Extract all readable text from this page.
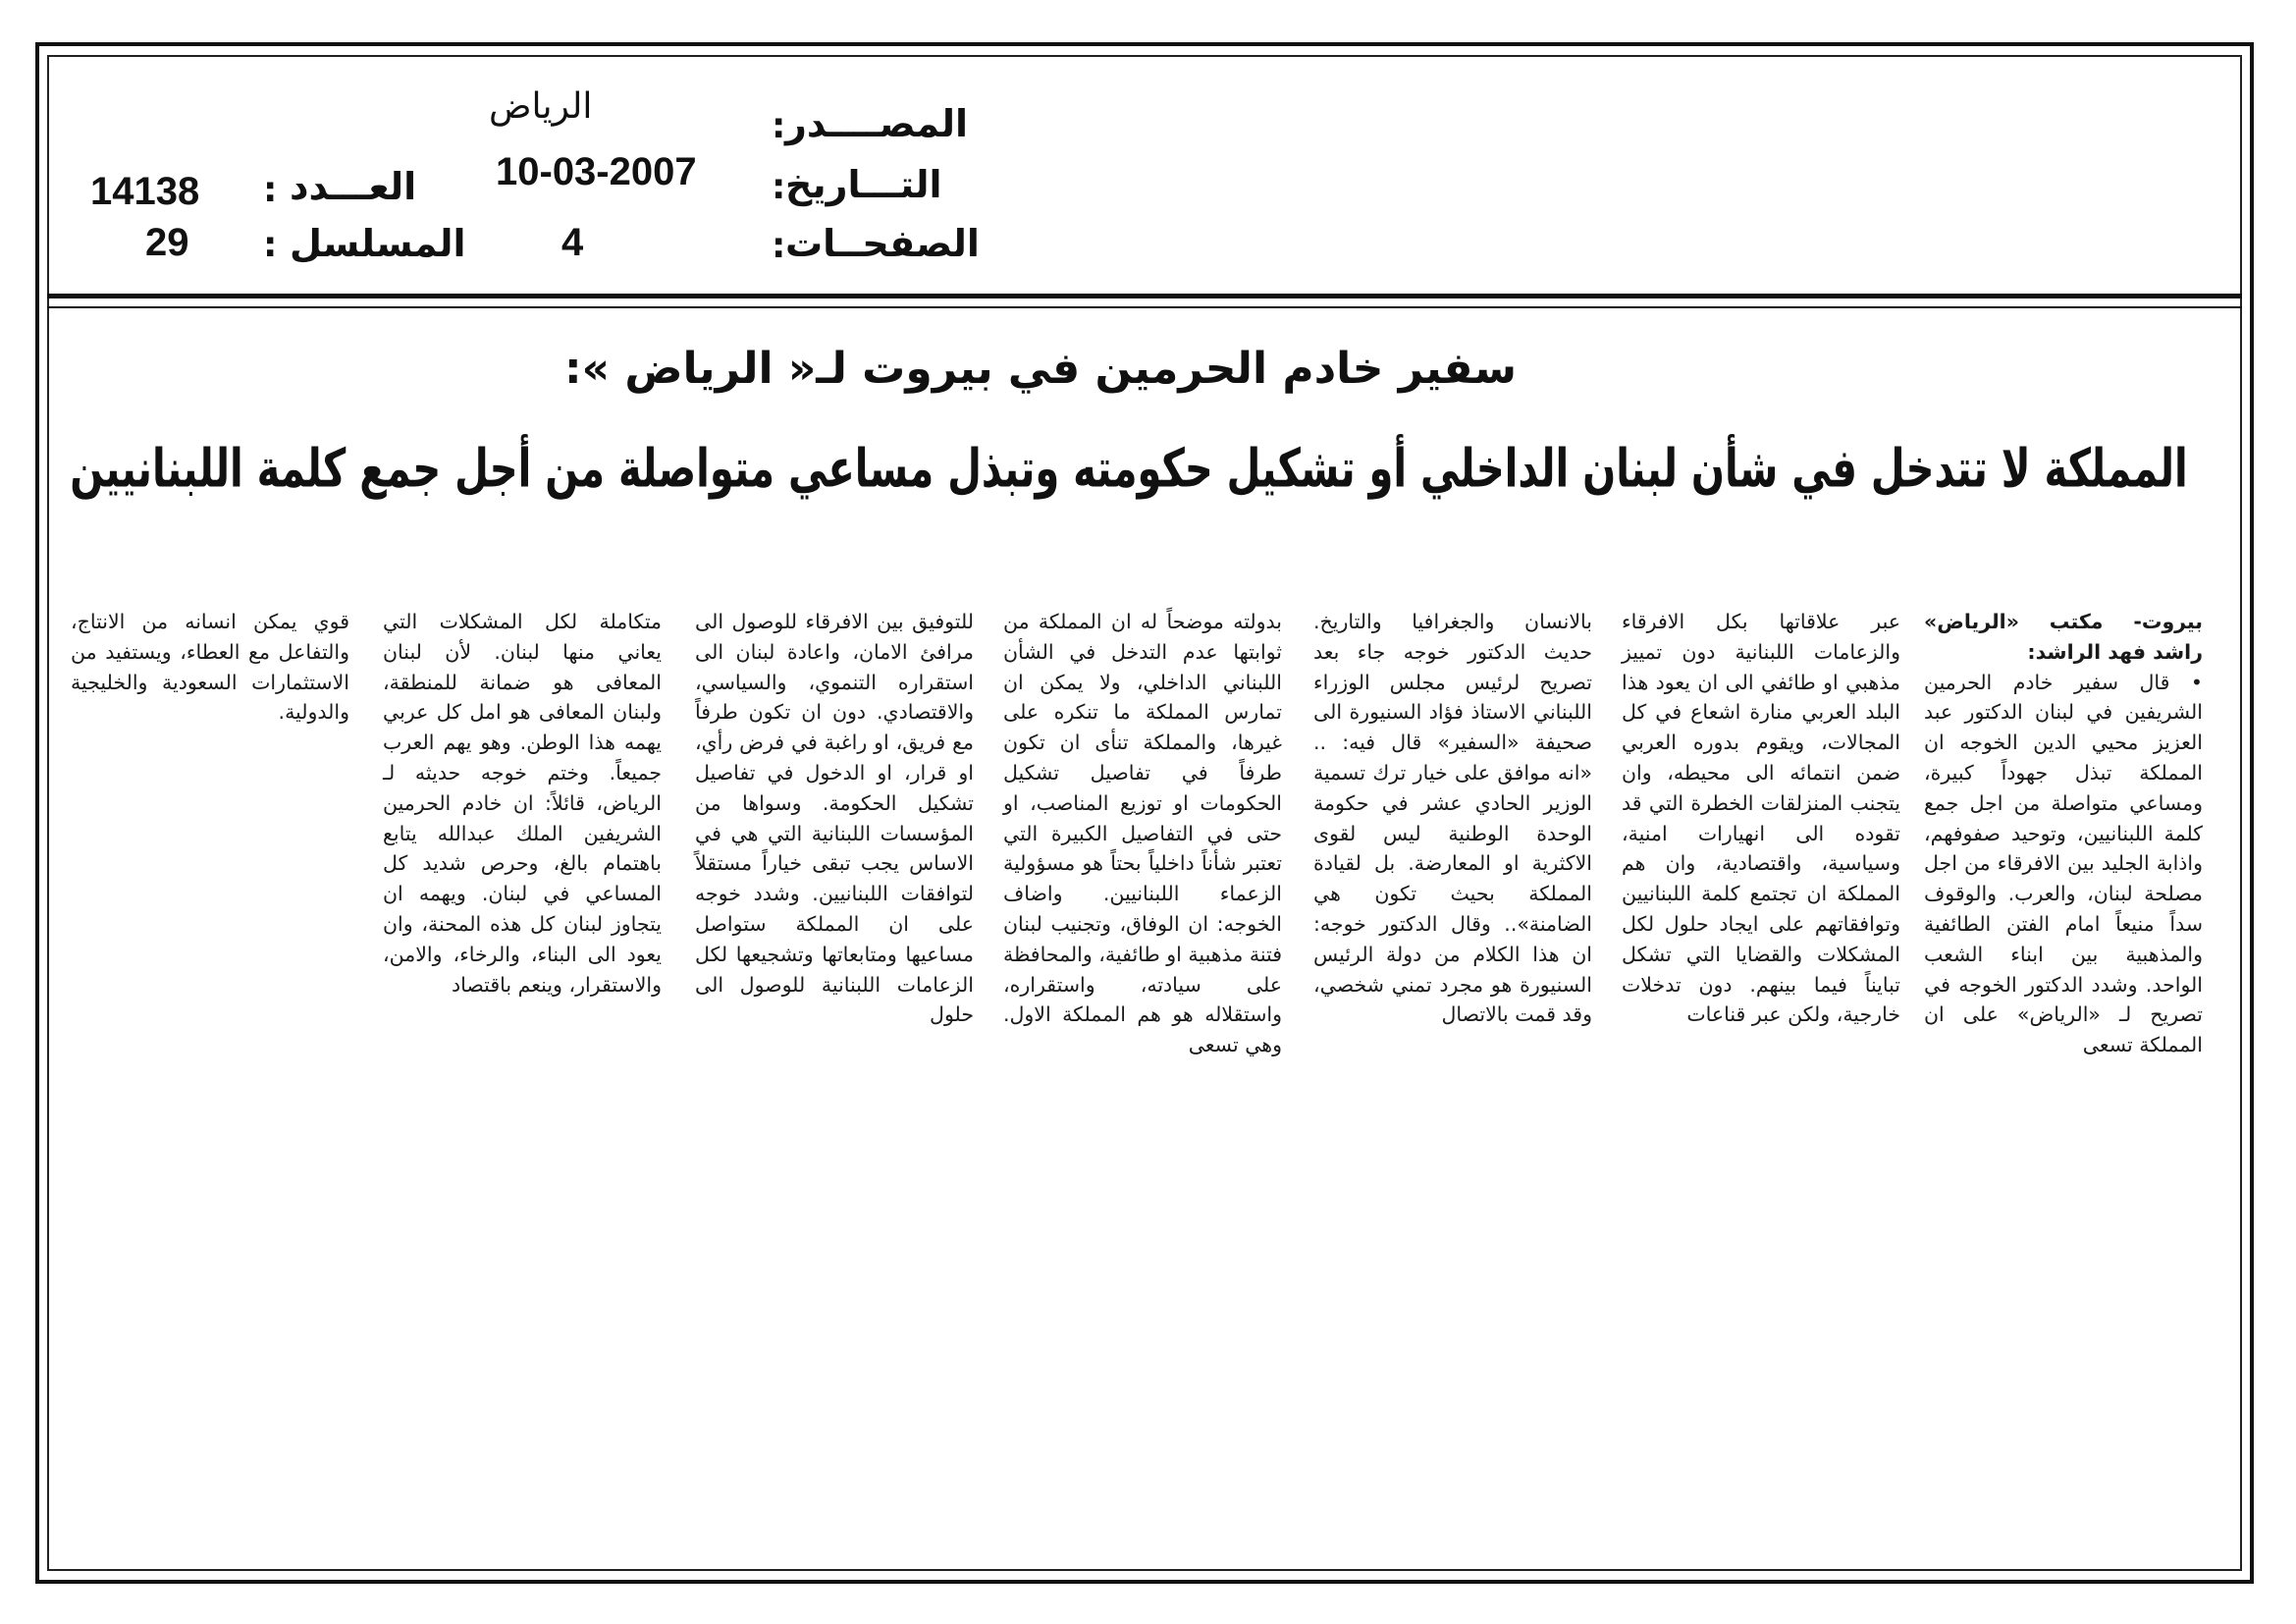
الرياض	المصــــدر
:
10-03-2007 التـــاريخ
:
4	الصفحــات
:
14138 : العـــدد
29 : المسلسل
سفير خادم الحرمين في بيروت لـ« الرياض »:
المملكة لا تتدخل في شأن لبنان الداخلي أو تشكيل حكومته وتبذل مساعي متواصلة من أجل جمع كلمة اللبنانيين

بيروت- مكتب «الرياض» راشد فهد الراشد:

• قال سفير خادم الحرمين الشريفين في لبنان الدكتور عبد العزيز محيي الدين الخوجه ان المملكة تبذل جهوداً كبيرة، ومساعي متواصلة من اجل جمع كلمة اللبنانيين، وتوحيد صفوفهم، واذابة الجليد بين الافرقاء من اجل مصلحة لبنان، والعرب. والوقوف سداً منيعاً امام الفتن الطائفية والمذهبية بين ابناء الشعب الواحد. وشدد الدكتور الخوجه في تصريح لـ «الرياض» على ان المملكة تسعى

عبر علاقاتها بكل الافرقاء والزعامات اللبنانية دون تمييز مذهبي او طائفي الى ان يعود هذا البلد العربي منارة اشعاع في كل المجالات، ويقوم بدوره العربي ضمن انتمائه الى محيطه، وان يتجنب المنزلقات الخطرة التي قد تقوده الى انهيارات امنية، وسياسية، واقتصادية، وان هم المملكة ان تجتمع كلمة اللبنانيين وتوافقاتهم على ايجاد حلول لكل المشكلات والقضايا التي تشكل تبايناً فيما بينهم. دون تدخلات خارجية، ولكن عبر قناعات

بالانسان والجغرافيا والتاريخ. حديث الدكتور خوجه جاء بعد تصريح لرئيس مجلس الوزراء اللبناني الاستاذ فؤاد السنيورة الى صحيفة «السفير» قال فيه: .. «انه موافق على خيار ترك تسمية الوزير الحادي عشر في حكومة الوحدة الوطنية ليس لقوى الاكثرية او المعارضة. بل لقيادة المملكة بحيث تكون هي الضامنة».. وقال الدكتور خوجه: ان هذا الكلام من دولة الرئيس السنيورة هو مجرد تمني شخصي، وقد قمت بالاتصال

بدولته موضحاً له ان المملكة من ثوابتها عدم التدخل في الشأن اللبناني الداخلي، ولا يمكن ان تمارس المملكة ما تنكره على غيرها، والمملكة تنأى ان تكون طرفاً في تفاصيل تشكيل الحكومات او توزيع المناصب، او حتى في التفاصيل الكبيرة التي تعتبر شأناً داخلياً بحتاً هو مسؤولية الزعماء اللبنانيين. واضاف الخوجه: ان الوفاق، وتجنيب لبنان فتنة مذهبية او طائفية، والمحافظة على سيادته، واستقراره، واستقلاله هو هم المملكة الاول. وهي تسعى

للتوفيق بين الافرقاء للوصول الى مرافئ الامان، واعادة لبنان الى استقراره التنموي، والسياسي، والاقتصادي. دون ان تكون طرفاً مع فريق، او راغبة في فرض رأي، او قرار، او الدخول في تفاصيل تشكيل الحكومة. وسواها من المؤسسات اللبنانية التي هي في الاساس يجب تبقى خياراً مستقلاً لتوافقات اللبنانيين. وشدد خوجه على ان المملكة ستواصل مساعيها ومتابعاتها وتشجيعها لكل الزعامات اللبنانية للوصول الى حلول

متكاملة لكل المشكلات التي يعاني منها لبنان. لأن لبنان المعافى هو ضمانة للمنطقة، ولبنان المعافى هو امل كل عربي يهمه هذا الوطن. وهو يهم العرب جميعاً. وختم خوجه حديثه لـ الرياض، قائلاً: ان خادم الحرمين الشريفين الملك عبدالله يتابع باهتمام بالغ، وحرص شديد كل المساعي في لبنان. ويهمه ان يتجاوز لبنان كل هذه المحنة، وان يعود الى البناء، والرخاء، والامن، والاستقرار، وينعم باقتصاد

قوي يمكن انسانه من الانتاج، والتفاعل مع العطاء، ويستفيد من الاستثمارات السعودية والخليجية والدولية.
